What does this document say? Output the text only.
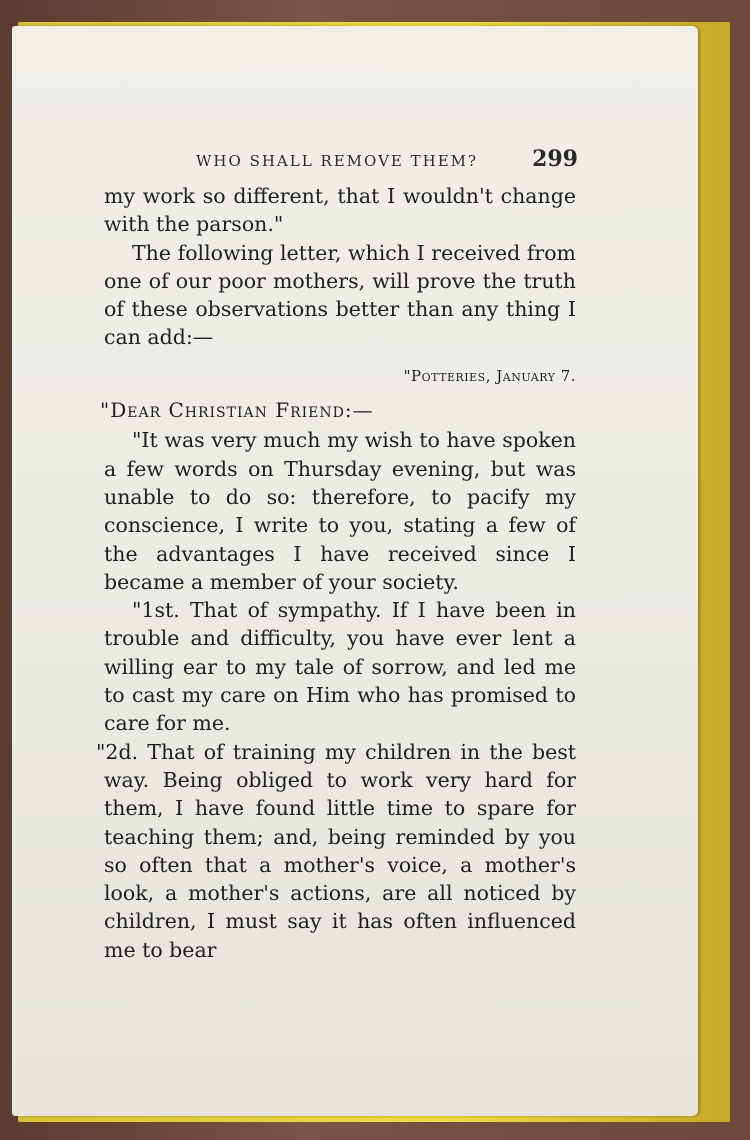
WHO SHALL REMOVE THEM? 299

my work so different, that I wouldn't change with the parson."

The following letter, which I received from one of our poor mothers, will prove the truth of these observations better than any thing I can add:—

"Potteries, January 7.

"Dear Christian Friend:—

"It was very much my wish to have spoken a few words on Thursday evening, but was unable to do so: therefore, to pacify my conscience, I write to you, stating a few of the advantages I have received since I became a member of your society.

"1st. That of sympathy. If I have been in trouble and difficulty, you have ever lent a willing ear to my tale of sorrow, and led me to cast my care on Him who has promised to care for me.

"2d. That of training my children in the best way. Being obliged to work very hard for them, I have found little time to spare for teaching them; and, being reminded by you so often that a mother's voice, a mother's look, a mother's actions, are all noticed by children, I must say it has often influenced me to bear
